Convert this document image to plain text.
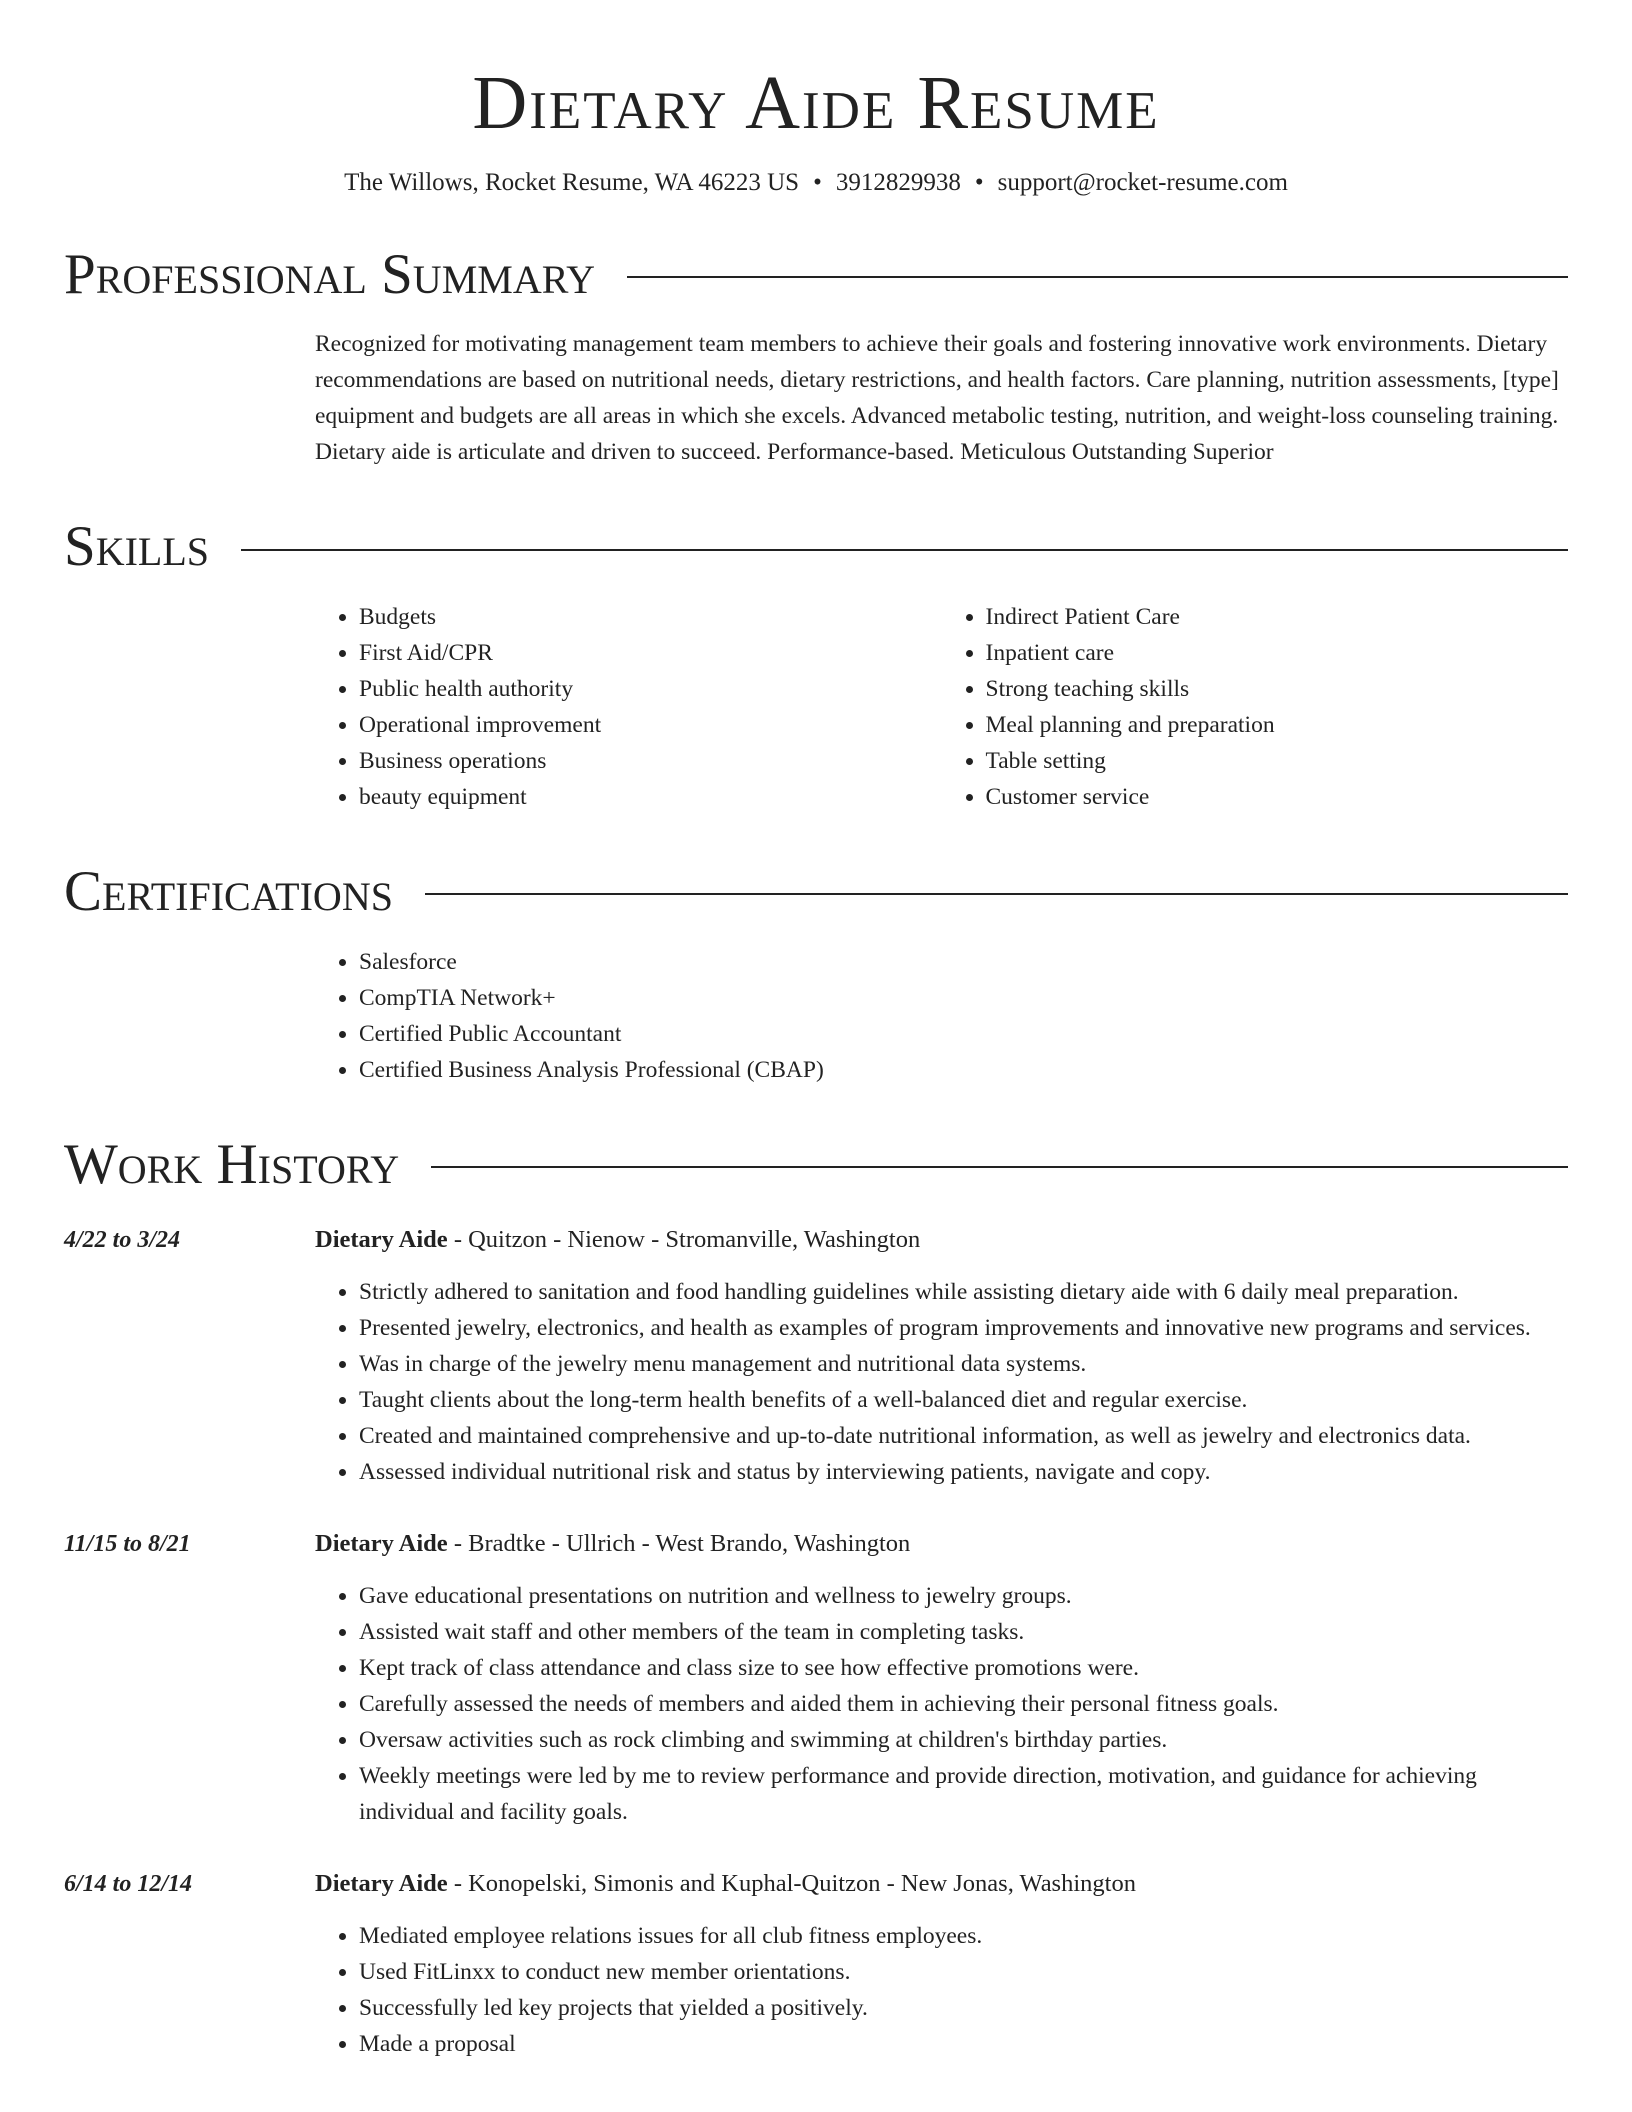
Dietary Aide Resume
The Willows, Rocket Resume, WA 46223 US • 3912829938 • support@rocket-resume.com
Professional Summary

Recognized for motivating management team members to achieve their goals and fostering innovative work environments. Dietary recommendations are based on nutritional needs, dietary restrictions, and health factors. Care planning, nutrition assessments, [type] equipment and budgets are all areas in which she excels. Advanced metabolic testing, nutrition, and weight-loss counseling training. Dietary aide is articulate and driven to succeed. Performance-based. Meticulous Outstanding Superior

Skills
• Budgets
• First Aid/CPR
• Public health authority
• Operational improvement
• Business operations
• beauty equipment
• Indirect Patient Care
• Inpatient care
• Strong teaching skills
• Meal planning and preparation
• Table setting
• Customer service
Certifications
• Salesforce
• CompTIA Network+
• Certified Public Accountant
• Certified Business Analysis Professional (CBAP)
Work History
4/22 to 3/24	Dietary Aide - Quitzon - Nienow - Stromanville, Washington
• Strictly adhered to sanitation and food handling guidelines while assisting dietary aide with 6 daily meal preparation.
• Presented jewelry, electronics, and health as examples of program improvements and innovative new programs and services.
• Was in charge of the jewelry menu management and nutritional data systems.
• Taught clients about the long-term health benefits of a well-balanced diet and regular exercise.
• Created and maintained comprehensive and up-to-date nutritional information, as well as jewelry and electronics data.
• Assessed individual nutritional risk and status by interviewing patients, navigate and copy.
11/15 to 8/21	Dietary Aide - Bradtke - Ullrich - West Brando, Washington
• Gave educational presentations on nutrition and wellness to jewelry groups.
• Assisted wait staff and other members of the team in completing tasks.
• Kept track of class attendance and class size to see how effective promotions were.
• Carefully assessed the needs of members and aided them in achieving their personal fitness goals.
• Oversaw activities such as rock climbing and swimming at children's birthday parties.
• Weekly meetings were led by me to review performance and provide direction, motivation, and guidance for achieving individual and facility goals.
6/14 to 12/14	Dietary Aide - Konopelski, Simonis and Kuphal-Quitzon - New Jonas, Washington
• Mediated employee relations issues for all club fitness employees.
• Used FitLinxx to conduct new member orientations.
• Successfully led key projects that yielded a positively.
• Made a proposal
